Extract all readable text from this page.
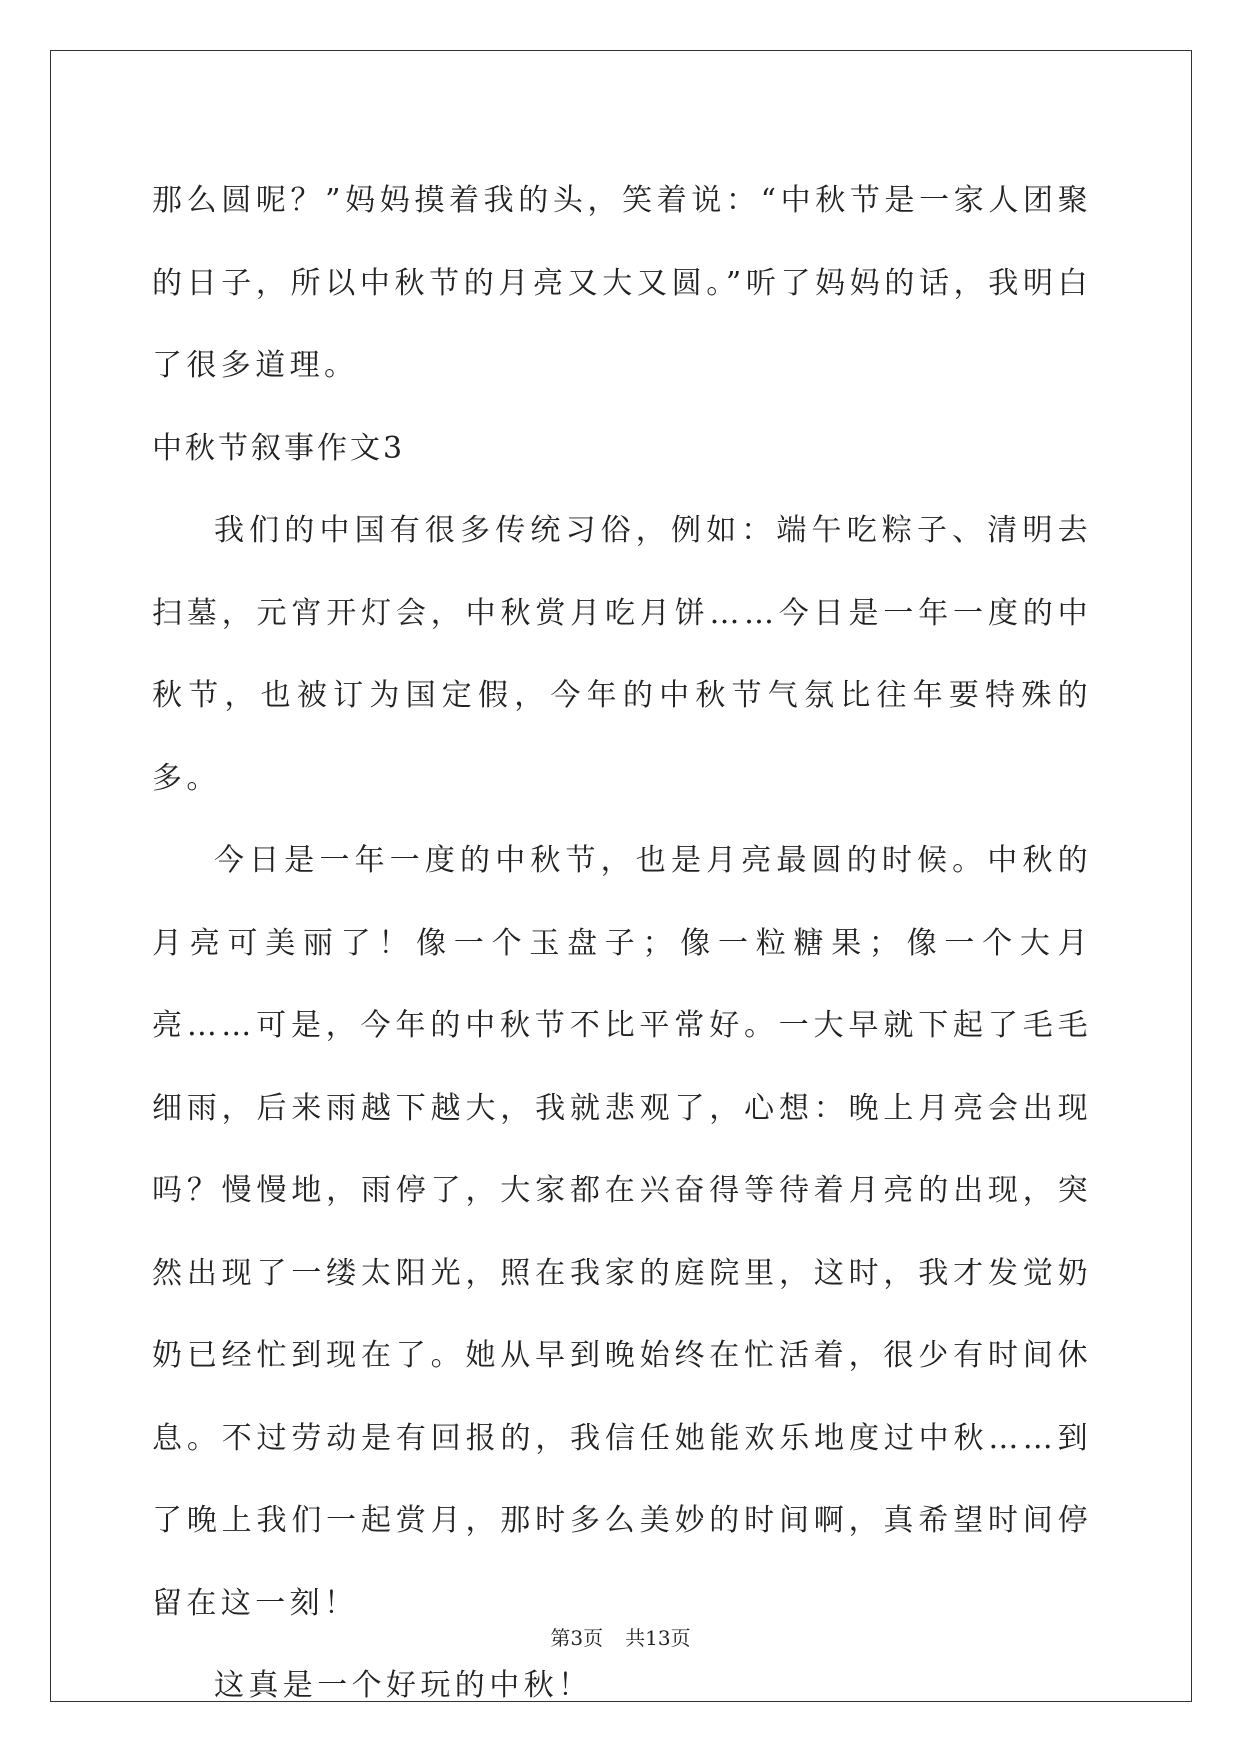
那么圆呢？”妈妈摸着我的头，笑着说：“中秋节是一家人团聚的日子，所以中秋节的月亮又大又圆。”听了妈妈的话，我明白了很多道理。

中秋节叙事作文3

我们的中国有很多传统习俗，例如：端午吃粽子、清明去扫墓，元宵开灯会，中秋赏月吃月饼……今日是一年一度的中秋节，也被订为国定假，今年的中秋节气氛比往年要特殊的多。

今日是一年一度的中秋节，也是月亮最圆的时候。中秋的月亮可美丽了！像一个玉盘子；像一粒糖果；像一个大月亮……可是，今年的中秋节不比平常好。一大早就下起了毛毛细雨，后来雨越下越大，我就悲观了，心想：晚上月亮会出现吗？慢慢地，雨停了，大家都在兴奋得等待着月亮的出现，突然出现了一缕太阳光，照在我家的庭院里，这时，我才发觉奶奶已经忙到现在了。她从早到晚始终在忙活着，很少有时间休息。不过劳动是有回报的，我信任她能欢乐地度过中秋……到了晚上我们一起赏月，那时多么美妙的时间啊，真希望时间停留在这一刻！

这真是一个好玩的中秋！

第3页 共13页
